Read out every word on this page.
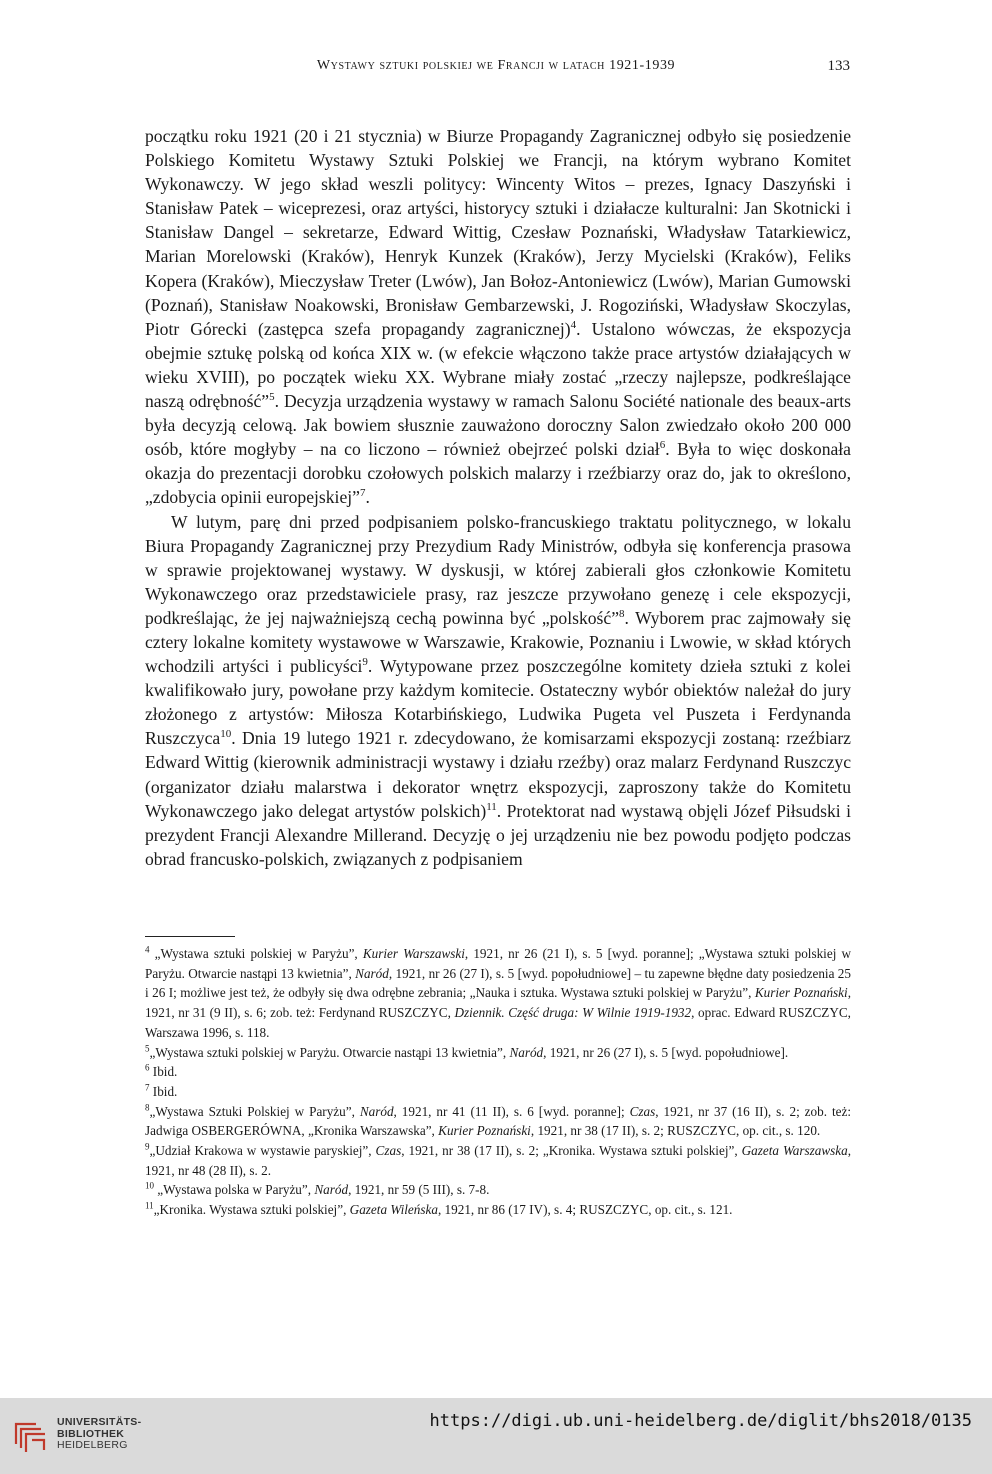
Wystawy sztuki polskiej we Francji w latach 1921-1939	133

początku roku 1921 (20 i 21 stycznia) w Biurze Propagandy Zagranicznej odbyło się posiedzenie Polskiego Komitetu Wystawy Sztuki Polskiej we Francji, na którym wybrano Komitet Wykonawczy. W jego skład weszli politycy: Wincenty Witos – prezes, Ignacy Daszyński i Stanisław Patek – wiceprezesi, oraz artyści, historycy sztuki i działacze kulturalni: Jan Skotnicki i Stanisław Dangel – sekretarze, Edward Wittig, Czesław Poznański, Władysław Tatarkiewicz, Marian Morelowski (Kraków), Henryk Kunzek (Kraków), Jerzy Mycielski (Kraków), Feliks Kopera (Kraków), Mieczysław Treter (Lwów), Jan Bołoz-Antoniewicz (Lwów), Marian Gumowski (Poznań), Stanisław Noakowski, Bronisław Gembarzewski, J. Rogoziński, Władysław Skoczylas, Piotr Górecki (zastępca szefa propagandy zagranicznej)$^4$. Ustalono wówczas, że ekspozycja obejmie sztukę polską od końca XIX w. (w efekcie włączono także prace artystów działających w wieku XVIII), po początek wieku XX. Wybrane miały zostać „rzeczy najlepsze, podkreślające naszą odrębność”$^5$. Decyzja urządzenia wystawy w ramach Salonu Société nationale des beaux-arts była decyzją celową. Jak bowiem słusznie zauważono doroczny Salon zwiedzało około 200 000 osób, które mogłyby – na co liczono – również obejrzeć polski dział$^6$. Była to więc doskonała okazja do prezentacji dorobku czołowych polskich malarzy i rzeźbiarzy oraz do, jak to określono, „zdobycia opinii europejskiej”$^7$.

W lutym, parę dni przed podpisaniem polsko-francuskiego traktatu politycznego, w lokalu Biura Propagandy Zagranicznej przy Prezydium Rady Ministrów, odbyła się konferencja prasowa w sprawie projektowanej wystawy. W dyskusji, w której zabierali głos członkowie Komitetu Wykonawczego oraz przedstawiciele prasy, raz jeszcze przywołano genezę i cele ekspozycji, podkreślając, że jej najważniejszą cechą powinna być „polskość”$^8$. Wyborem prac zajmowały się cztery lokalne komitety wystawowe w Warszawie, Krakowie, Poznaniu i Lwowie, w skład których wchodzili artyści i publicyści$^9$. Wytypowane przez poszczególne komitety dzieła sztuki z kolei kwalifikowało jury, powołane przy każdym komitecie. Ostateczny wybór obiektów należał do jury złożonego z artystów: Miłosza Kotarbińskiego, Ludwika Pugeta vel Puszeta i Ferdynanda Ruszczyca$^{10}$. Dnia 19 lutego 1921 r. zdecydowano, że komisarzami ekspozycji zostaną: rzeźbiarz Edward Wittig (kierownik administracji wystawy i działu rzeźby) oraz malarz Ferdynand Ruszczyc (organizator działu malarstwa i dekorator wnętrz ekspozycji, zaproszony także do Komitetu Wykonawczego jako delegat artystów polskich)$^{11}$. Protektorat nad wystawą objęli Józef Piłsudski i prezydent Francji Alexandre Millerand. Decyzję o jej urządzeniu nie bez powodu podjęto podczas obrad francusko-polskich, związanych z podpisaniem

$^4$ „Wystawa sztuki polskiej w Paryżu”, Kurier Warszawski, 1921, nr 26 (21 I), s. 5 [wyd. poranne]; „Wystawa sztuki polskiej w Paryżu. Otwarcie nastąpi 13 kwietnia”, Naród, 1921, nr 26 (27 I), s. 5 [wyd. popołudniowe] – tu zapewne błędne daty posiedzenia 25 i 26 I; możliwe jest też, że odbyły się dwa odrębne zebrania; „Nauka i sztuka. Wystawa sztuki polskiej w Paryżu”, Kurier Poznański, 1921, nr 31 (9 II), s. 6; zob. też: Ferdynand RUSZCZYC, Dziennik. Część druga: W Wilnie 1919-1932, oprac. Edward RUSZCZYC, Warszawa 1996, s. 118.

$^5$„Wystawa sztuki polskiej w Paryżu. Otwarcie nastąpi 13 kwietnia”, Naród, 1921, nr 26 (27 I), s. 5 [wyd. popołudniowe].

$^6$ Ibid.

$^7$ Ibid.

$^8$„Wystawa Sztuki Polskiej w Paryżu”, Naród, 1921, nr 41 (11 II), s. 6 [wyd. poranne]; Czas, 1921, nr 37 (16 II), s. 2; zob. też: Jadwiga OSBERGERÓWNA, „Kronika Warszawska”, Kurier Poznański, 1921, nr 38 (17 II), s. 2; RUSZCZYC, op. cit., s. 120.

$^9$„Udział Krakowa w wystawie paryskiej”, Czas, 1921, nr 38 (17 II), s. 2; „Kronika. Wystawa sztuki polskiej”, Gazeta Warszawska, 1921, nr 48 (28 II), s. 2.

$^{10}$ „Wystawa polska w Paryżu”, Naród, 1921, nr 59 (5 III), s. 7-8.

$^{11}$„Kronika. Wystawa sztuki polskiej”, Gazeta Wileńska, 1921, nr 86 (17 IV), s. 4; RUSZCZYC, op. cit., s. 121.

UNIVERSITÄTS-
BIBLIOTHEK
HEIDELBERG
https://digi.ub.uni-heidelberg.de/diglit/bhs2018/0135
